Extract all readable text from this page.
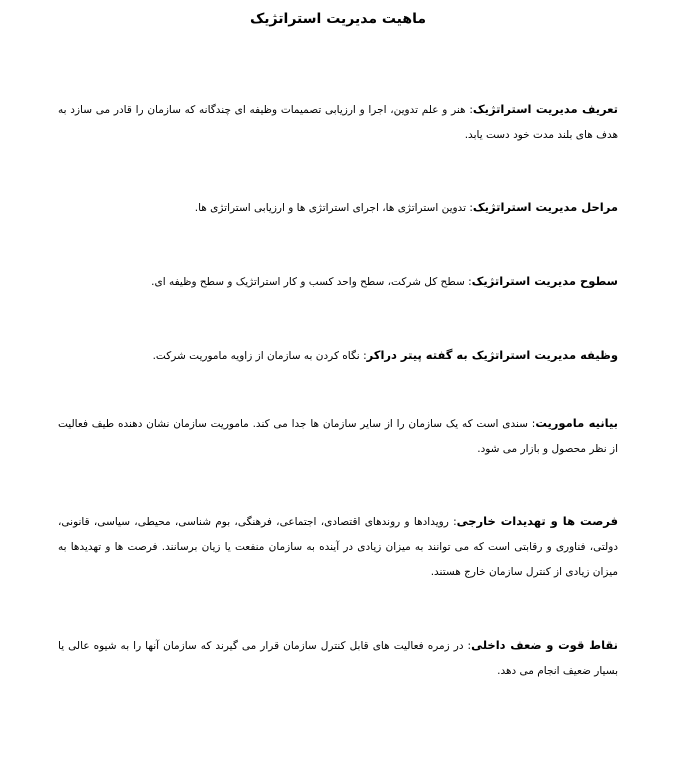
ماهیت مدیریت استراتژیک

تعریف مدیریت استراتژیک: هنر و علم تدوین، اجرا و ارزیابی تصمیمات وظیفه ای چندگانه که سازمان را قادر می سازد به هدف های بلند مدت خود دست یابد.

مراحل مدیریت استراتژیک: تدوین استراتژی ها، اجرای استراتژی ها و ارزیابی استراتژی ها.

سطوح مدیریت استراتژیک: سطح کل شرکت، سطح واحد کسب و کار استراتژیک و سطح وظیفه ای.

وظیفه مدیریت استراتژیک به گفته پیتر دراکر: نگاه کردن به سازمان از زاویه ماموریت شرکت.

بیانیه ماموریت: سندی است که یک سازمان را از سایر سازمان ها جدا می کند. ماموریت سازمان نشان دهنده طیف فعالیت از نظر محصول و بازار می شود.

فرصت ها و تهدیدات خارجی: رویدادها و روندهای اقتصادی، اجتماعی، فرهنگی، بوم شناسی، محیطی، سیاسی، قانونی، دولتی، فناوری و رقابتی است که می توانند به میزان زیادی در آینده به سازمان منفعت یا زیان برسانند. فرصت ها و تهدیدها به میزان زیادی از کنترل سازمان خارج هستند.

نقاط قوت و ضعف داخلی: در زمره فعالیت های قابل کنترل سازمان قرار می گیرند که سازمان آنها را به شیوه عالی یا بسیار ضعیف انجام می دهد.
